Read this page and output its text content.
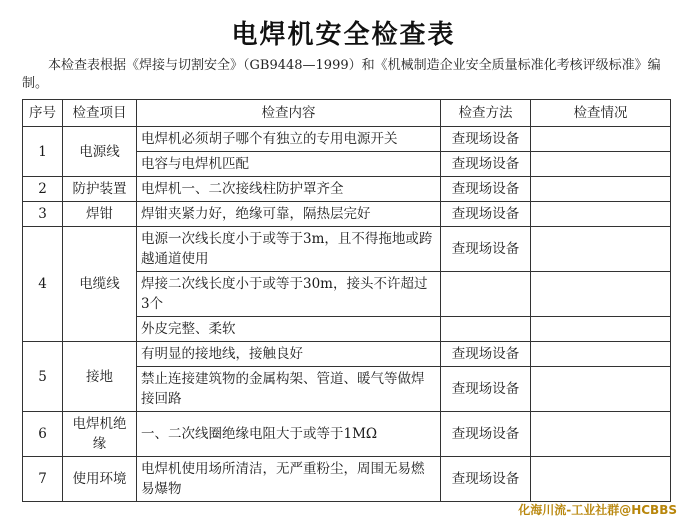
电焊机安全检查表
本检查表根据《焊接与切割安全》（GB9448—1999）和《机械制造企业安全质量标准化考核评级标准》编制。
序号	检查项目	检查内容	检查方法	检查情况
1	电源线	电焊机必须胡子哪个有独立的专用电源开关	查现场设备	
		电容与电焊机匹配	查现场设备	
2	防护装置	电焊机一、二次接线柱防护罩齐全	查现场设备	
3	焊钳	焊钳夹紧力好，绝缘可靠，隔热层完好	查现场设备	
4	电缆线	电源一次线长度小于或等于3m，且不得拖地或跨越通道使用	查现场设备	
		焊接二次线长度小于或等于30m，接头不许超过3个		
		外皮完整、柔软		
5	接地	有明显的接地线，接触良好	查现场设备	
		禁止连接建筑物的金属构架、管道、暖气等做焊接回路	查现场设备	
6	电焊机绝缘	一、二次线圈绝缘电阻大于或等于1MΩ	查现场设备	
7	使用环境	电焊机使用场所清洁，无严重粉尘，周围无易燃易爆物	查现场设备	
化海川流-工业社群@HCBBS
